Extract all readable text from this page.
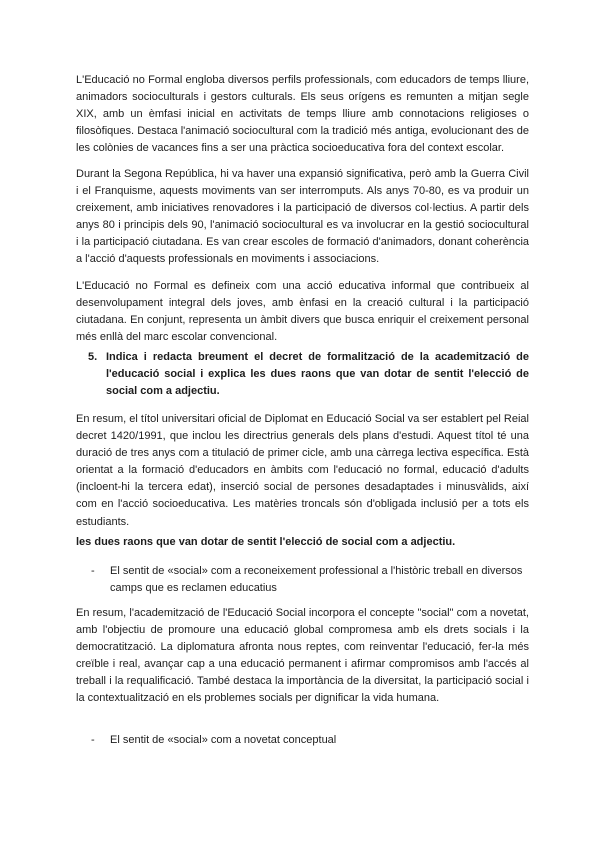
L'Educació no Formal engloba diversos perfils professionals, com educadors de temps lliure, animadors socioculturals i gestors culturals. Els seus orígens es remunten a mitjan segle XIX, amb un èmfasi inicial en activitats de temps lliure amb connotacions religioses o filosòfiques. Destaca l'animació sociocultural com la tradició més antiga, evolucionant des de les colònies de vacances fins a ser una pràctica socioeducativa fora del context escolar.

Durant la Segona República, hi va haver una expansió significativa, però amb la Guerra Civil i el Franquisme, aquests moviments van ser interromputs. Als anys 70-80, es va produir un creixement, amb iniciatives renovadores i la participació de diversos col·lectius. A partir dels anys 80 i principis dels 90, l'animació sociocultural es va involucrar en la gestió sociocultural i la participació ciutadana. Es van crear escoles de formació d'animadors, donant coherència a l'acció d'aquests professionals en moviments i associacions.

L'Educació no Formal es defineix com una acció educativa informal que contribueix al desenvolupament integral dels joves, amb ènfasi en la creació cultural i la participació ciutadana. En conjunt, representa un àmbit divers que busca enriquir el creixement personal més enllà del marc escolar convencional.

5. Indica i redacta breument el decret de formalització de la academització de l'educació social i explica les dues raons que van dotar de sentit l'elecció de social com a adjectiu.

En resum, el títol universitari oficial de Diplomat en Educació Social va ser establert pel Reial decret 1420/1991, que inclou les directrius generals dels plans d'estudi. Aquest títol té una duració de tres anys com a titulació de primer cicle, amb una càrrega lectiva específica. Està orientat a la formació d'educadors en àmbits com l'educació no formal, educació d'adults (incloent-hi la tercera edat), inserció social de persones desadaptades i minusvàlids, així com en l'acció socioeducativa. Les matèries troncals són d'obligada inclusió per a tots els estudiants.

les dues raons que van dotar de sentit l'elecció de social com a adjectiu.

- El sentit de «social» com a reconeixement professional a l'històric treball en diversos camps que es reclamen educatius

En resum, l'academització de l'Educació Social incorpora el concepte "social" com a novetat, amb l'objectiu de promoure una educació global compromesa amb els drets socials i la democratització. La diplomatura afronta nous reptes, com reinventar l'educació, fer-la més creïble i real, avançar cap a una educació permanent i afirmar compromisos amb l'accés al treball i la requalificació. També destaca la importància de la diversitat, la participació social i la contextualització en els problemes socials per dignificar la vida humana.

- El sentit de «social» com a novetat conceptual
